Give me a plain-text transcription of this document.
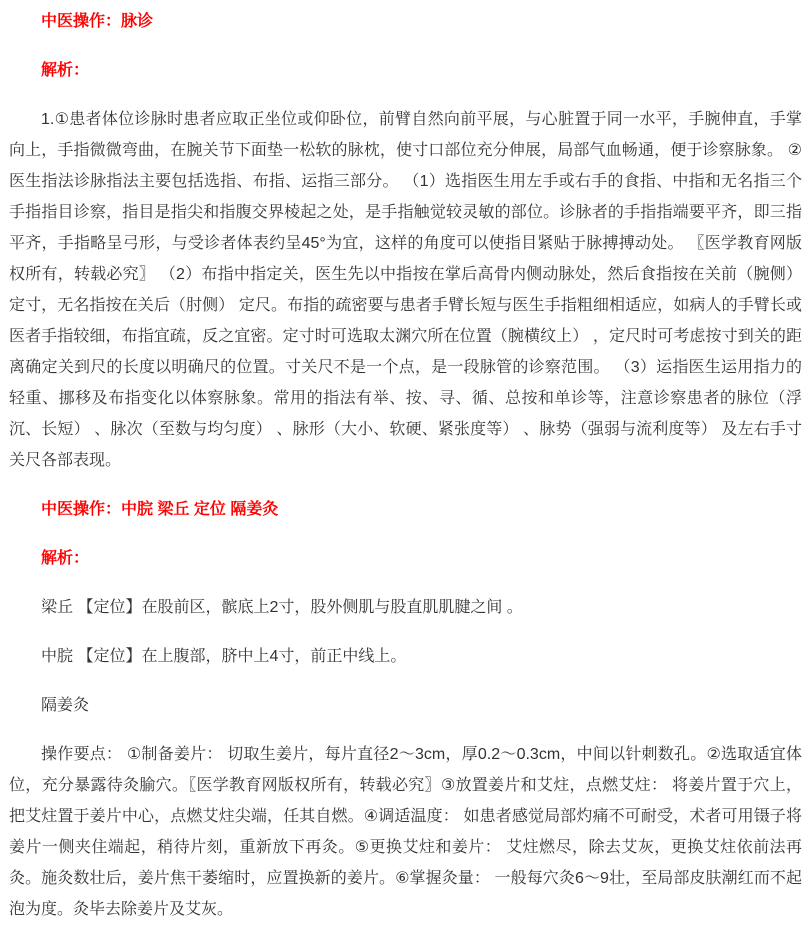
中医操作：脉诊

解析：

1.①患者体位诊脉时患者应取正坐位或仰卧位，前臂自然向前平展，与心脏置于同一水平，手腕伸直，手掌向上，手指微微弯曲，在腕关节下面垫一松软的脉枕，使寸口部位充分伸展，局部气血畅通，便于诊察脉象。 ②医生指法诊脉指法主要包括选指、布指、运指三部分。 （1）选指医生用左手或右手的食指、中指和无名指三个手指指目诊察，指目是指尖和指腹交界棱起之处，是手指触觉较灵敏的部位。诊脉者的手指指端要平齐，即三指平齐，手指略呈弓形，与受诊者体表约呈45°为宜，这样的角度可以使指目紧贴于脉搏搏动处。 〖医学教育网版权所有，转载必究〗 （2）布指中指定关，医生先以中指按在掌后高骨内侧动脉处，然后食指按在关前（腕侧） 定寸，无名指按在关后（肘侧） 定尺。布指的疏密要与患者手臂长短与医生手指粗细相适应，如病人的手臂长或医者手指较细，布指宜疏，反之宜密。定寸时可选取太渊穴所在位置（腕横纹上） ，定尺时可考虑按寸到关的距离确定关到尺的长度以明确尺的位置。寸关尺不是一个点，是一段脉管的诊察范围。 （3）运指医生运用指力的轻重、挪移及布指变化以体察脉象。常用的指法有举、按、寻、循、总按和单诊等，注意诊察患者的脉位（浮沉、长短） 、脉次（至数与均匀度） 、脉形（大小、软硬、紧张度等） 、脉势（强弱与流利度等） 及左右手寸关尺各部表现。

中医操作：中脘 梁丘 定位 隔姜灸

解析：

梁丘 【定位】在股前区，髌底上2寸，股外侧肌与股直肌肌腱之间 。

中脘 【定位】在上腹部，脐中上4寸，前正中线上。

隔姜灸

操作要点： ①制备姜片： 切取生姜片，每片直径2～3cm，厚0.2～0.3cm，中间以针刺数孔。②选取适宜体位，充分暴露待灸腧穴。〖医学教育网版权所有，转载必究〗③放置姜片和艾炷，点燃艾炷： 将姜片置于穴上，把艾炷置于姜片中心，点燃艾炷尖端，任其自燃。④调适温度： 如患者感觉局部灼痛不可耐受，术者可用镊子将姜片一侧夹住端起，稍待片刻，重新放下再灸。⑤更换艾炷和姜片： 艾炷燃尽，除去艾灰，更换艾炷依前法再灸。施灸数壮后，姜片焦干萎缩时，应置换新的姜片。⑥掌握灸量： 一般每穴灸6～9壮，至局部皮肤潮红而不起泡为度。灸毕去除姜片及艾灰。
